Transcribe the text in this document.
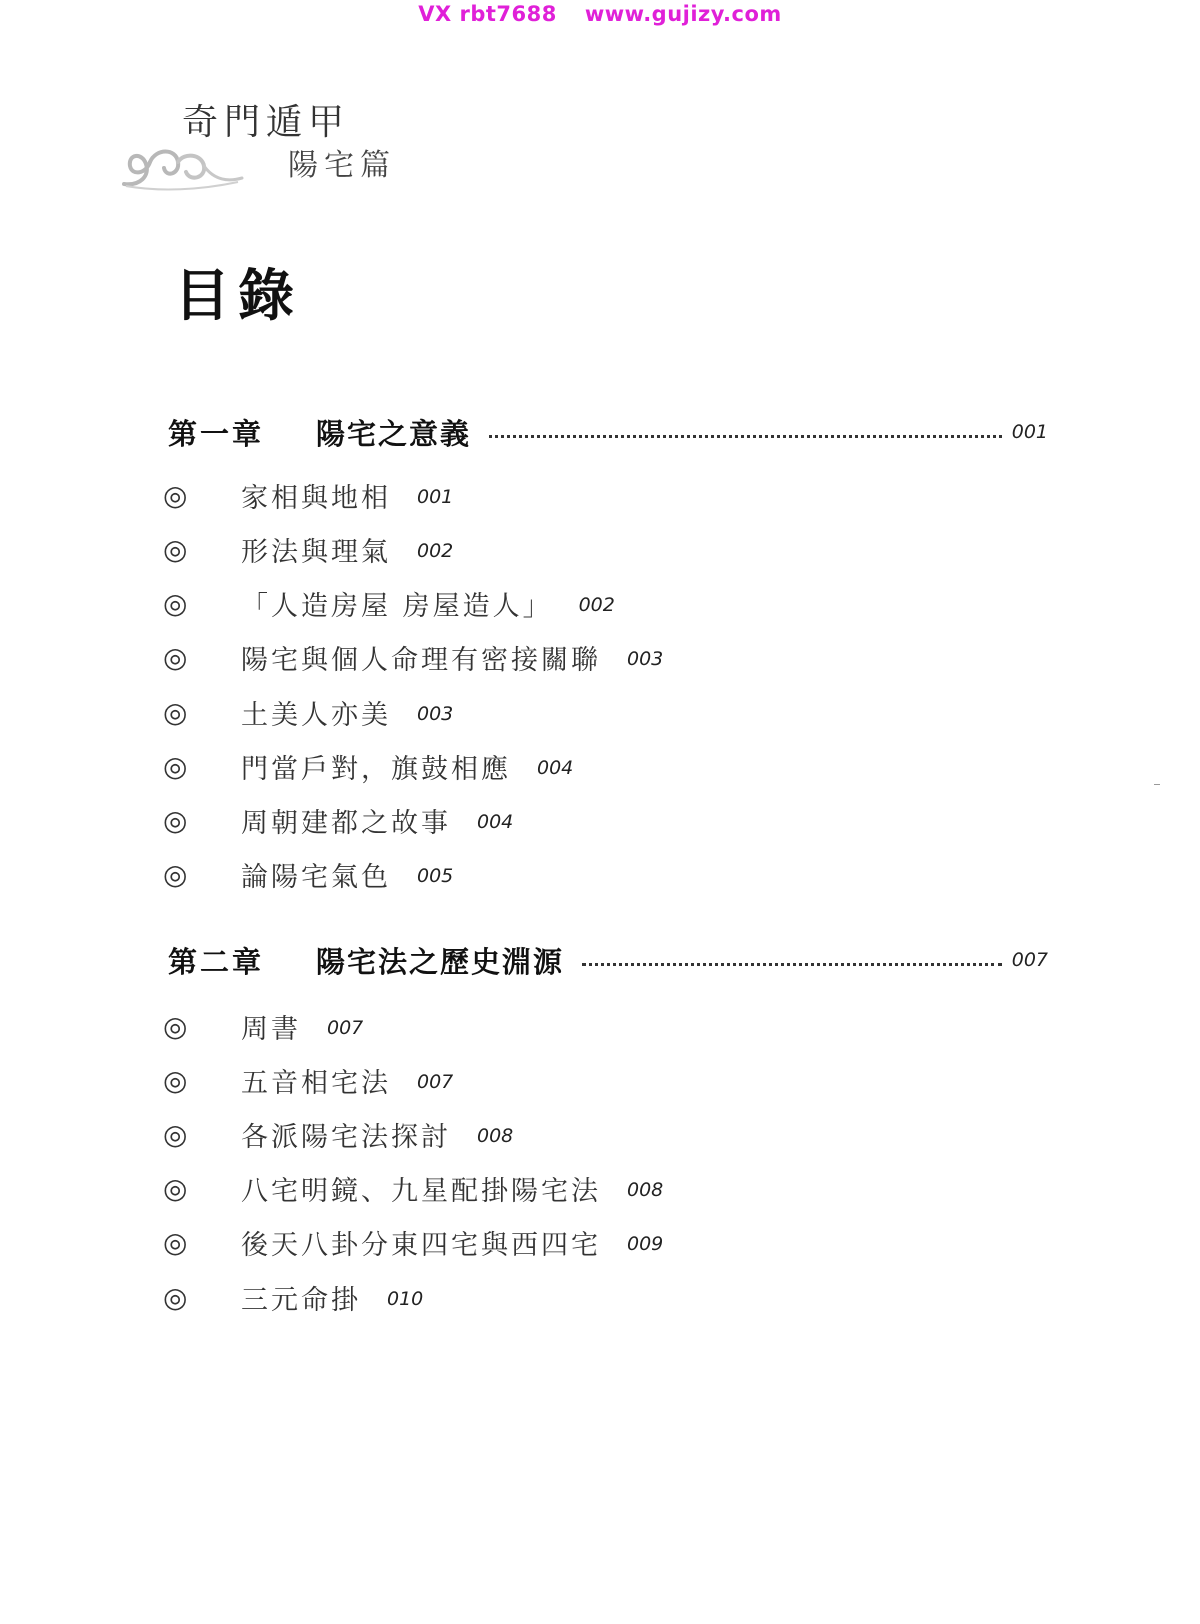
VX rbt7688 www.gujizy.com
奇門遁甲
陽宅篇
目錄
第一章 陽宅之意義	001
◎	家相與地相 001
◎	形法與理氣 002
◎	「人造房屋 房屋造人」 002
◎	陽宅與個人命理有密接關聯 003
◎	土美人亦美 003
◎	門當戶對，旗鼓相應 004
◎	周朝建都之故事 004
◎	論陽宅氣色 005
第二章 陽宅法之歷史淵源	007
◎	周書 007
◎	五音相宅法 007
◎	各派陽宅法探討 008
◎	八宅明鏡、九星配掛陽宅法 008
◎	後天八卦分東四宅與西四宅 009
◎	三元命掛 010
